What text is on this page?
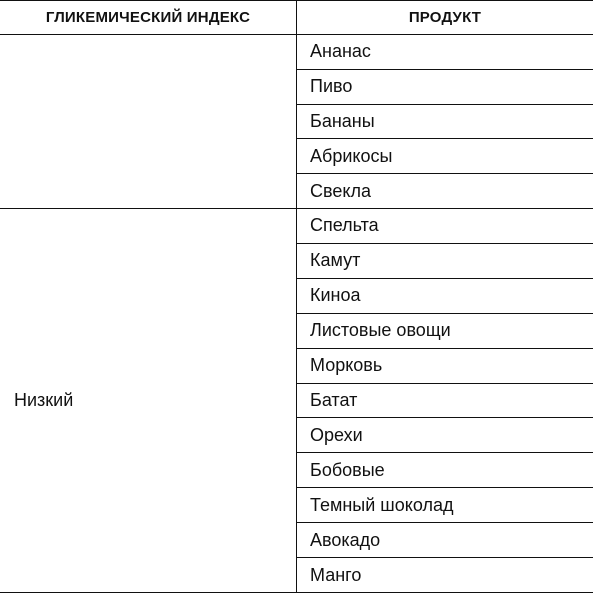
ГЛИКЕМИЧЕСКИЙ ИНДЕКС	ПРОДУКТ
Ананас
Пиво
Бананы
Абрикосы
Свекла
Низкий
Спельта
Камут
Киноа
Листовые овощи
Морковь
Батат
Орехи
Бобовые
Темный шоколад
Авокадо
Манго
